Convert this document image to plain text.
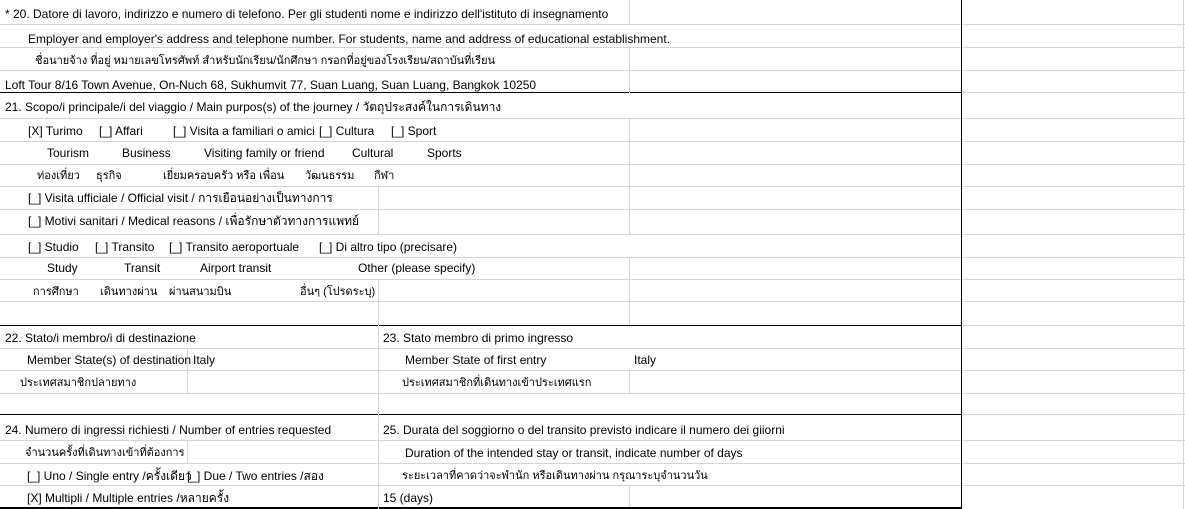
* 20. Datore di lavoro, indirizzo e numero di telefono. Per gli studenti nome e indirizzo dell'istituto di insegnamento
Employer and employer's address and telephone number. For students, name and address of educational establishment.
ชื่อนายจ้าง ที่อยู่ หมายเลขโทรศัพท์ สำหรับนักเรียน/นักศึกษา กรอกที่อยู่ของโรงเรียน/สถาบันที่เรียน
Loft Tour 8/16 Town Avenue, On-Nuch 68, Sukhumvit 77, Suan Luang, Suan Luang, Bangkok 10250
21. Scopo/i principale/i del viaggio / Main purpos(s) of the journey / วัตถุประสงค์ในการเดินทาง
[X] Turimo [_] Affari	[_] Visita a familiari o amici [_] Cultura [_] Sport
Tourism	Business	Visiting family or friend Cultural	Sports
ท่องเที่ยว ธุรกิจ	เยี่ยมครอบครัว หรือ เพื่อน วัฒนธรรม กีฬา
[_] Visita ufficiale / Official visit / การเยือนอย่างเป็นทางการ
[_] Motivi sanitari / Medical reasons / เพื่อรักษาตัวทางการแพทย์
[_] Studio [_] Transito [_] Transito aeroportuale [_] Di altro tipo (precisare)
Study	Transit	Airport transit	Other (please specify)
การศึกษา เดินทางผ่าน ผ่านสนามบิน	อื่นๆ (โปรดระบุ)
22. Stato/i membro/i di destinazione
Member State(s) of destination Italy
ประเทศสมาชิกปลายทาง
23. Stato membro di primo ingresso
Member State of first entry	Italy
ประเทศสมาชิกที่เดินทางเข้าประเทศแรก
24. Numero di ingressi richiesti / Number of entries requested
จำนวนครั้งที่เดินทางเข้าที่ต้องการ
[_] Uno / Single entry /ครั้งเดียว
[_] Due / Two entries /สอง
[X] Multipli / Multiple entries /หลายครั้ง
25. Durata del soggiorno o del transito previsto indicare il numero dei giiorni
Duration of the intended stay or transit, indicate number of days
ระยะเวลาที่คาดว่าจะพำนัก หรือเดินทางผ่าน กรุณาระบุจำนวนวัน
15 (days)
